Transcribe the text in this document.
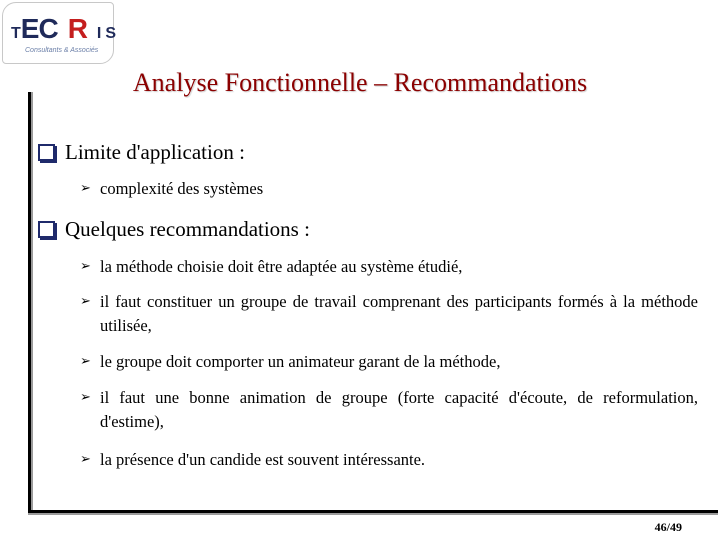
T EC R I S
Consultants & Associés
Analyse Fonctionnelle – Recommandations
Limite d'application :
➢ complexité des systèmes
Quelques recommandations :
➢ la méthode choisie doit être adaptée au système étudié,
➢ il faut constituer un groupe de travail comprenant des participants formés à la méthode utilisée,
➢ le groupe doit comporter un animateur garant de la méthode,
➢ il faut une bonne animation de groupe (forte capacité d'écoute, de reformulation, d'estime),
➢ la présence d'un candide est souvent intéressante.
46/49
